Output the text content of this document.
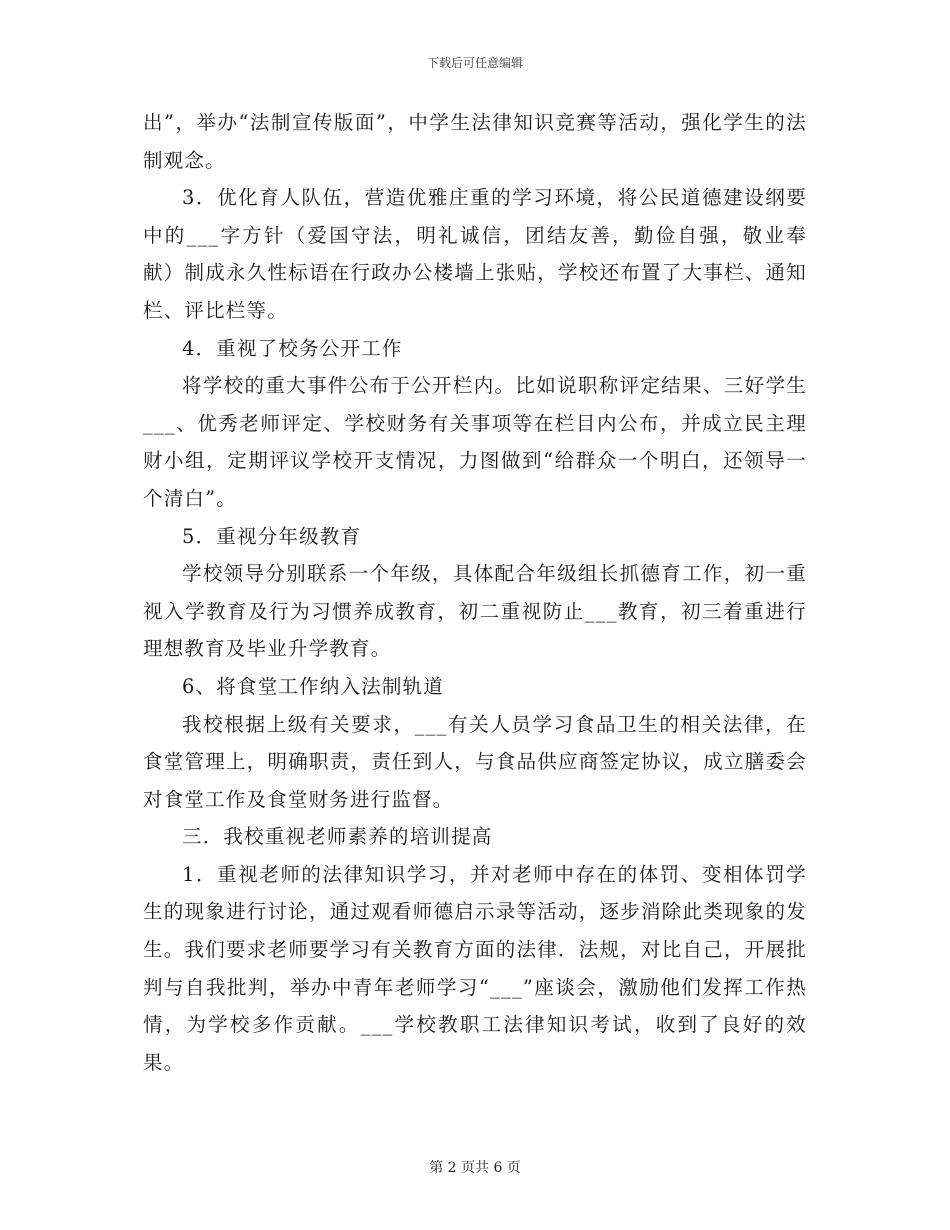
下载后可任意编辑

出”，举办“法制宣传版面”，中学生法律知识竞赛等活动，强化学生的法制观念。

3．优化育人队伍，营造优雅庄重的学习环境，将公民道德建设纲要中的___字方针（爱国守法，明礼诚信，团结友善，勤俭自强，敬业奉献）制成永久性标语在行政办公楼墙上张贴，学校还布置了大事栏、通知栏、评比栏等。

4．重视了校务公开工作

将学校的重大事件公布于公开栏内。比如说职称评定结果、三好学生___、优秀老师评定、学校财务有关事项等在栏目内公布，并成立民主理财小组，定期评议学校开支情况，力图做到“给群众一个明白，还领导一个清白”。

5．重视分年级教育

学校领导分别联系一个年级，具体配合年级组长抓德育工作，初一重视入学教育及行为习惯养成教育，初二重视防止___教育，初三着重进行理想教育及毕业升学教育。

6、将食堂工作纳入法制轨道

我校根据上级有关要求，___有关人员学习食品卫生的相关法律，在食堂管理上，明确职责，责任到人，与食品供应商签定协议，成立膳委会对食堂工作及食堂财务进行监督。

三．我校重视老师素养的培训提高

1．重视老师的法律知识学习，并对老师中存在的体罚、变相体罚学生的现象进行讨论，通过观看师德启示录等活动，逐步消除此类现象的发生。我们要求老师要学习有关教育方面的法律．法规，对比自己，开展批判与自我批判，举办中青年老师学习“___”座谈会，激励他们发挥工作热情，为学校多作贡献。___学校教职工法律知识考试，收到了良好的效果。

第 2 页共 6 页
